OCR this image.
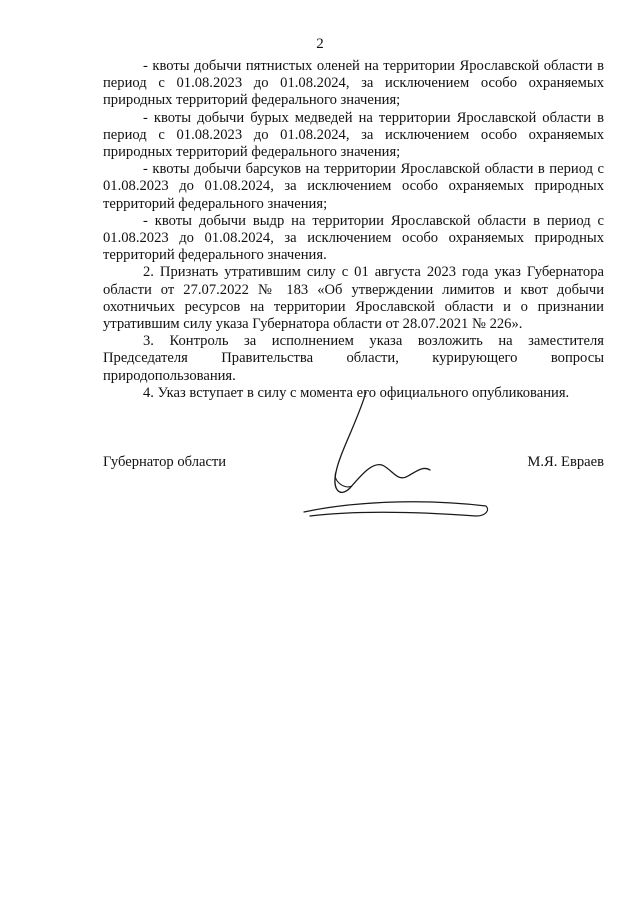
2

- квоты добычи пятнистых оленей на территории Ярославской области в период с 01.08.2023 до 01.08.2024, за исключением особо охраняемых природных территорий федерального значения;

- квоты добычи бурых медведей на территории Ярославской области в период с 01.08.2023 до 01.08.2024, за исключением особо охраняемых природных территорий федерального значения;

- квоты добычи барсуков на территории Ярославской области в период с 01.08.2023 до 01.08.2024, за исключением особо охраняемых природных территорий федерального значения;

- квоты добычи выдр на территории Ярославской области в период с 01.08.2023 до 01.08.2024, за исключением особо охраняемых природных территорий федерального значения.

2. Признать утратившим силу с 01 августа 2023 года указ Губернатора области от 27.07.2022 № 183 «Об утверждении лимитов и квот добычи охотничьих ресурсов на территории Ярославской области и о признании утратившим силу указа Губернатора области от 28.07.2021 № 226».

3. Контроль за исполнением указа возложить на заместителя Председателя Правительства области, курирующего вопросы природопользования.

4. Указ вступает в силу с момента его официального опубликования.

Губернатор области	М.Я. Евраев
